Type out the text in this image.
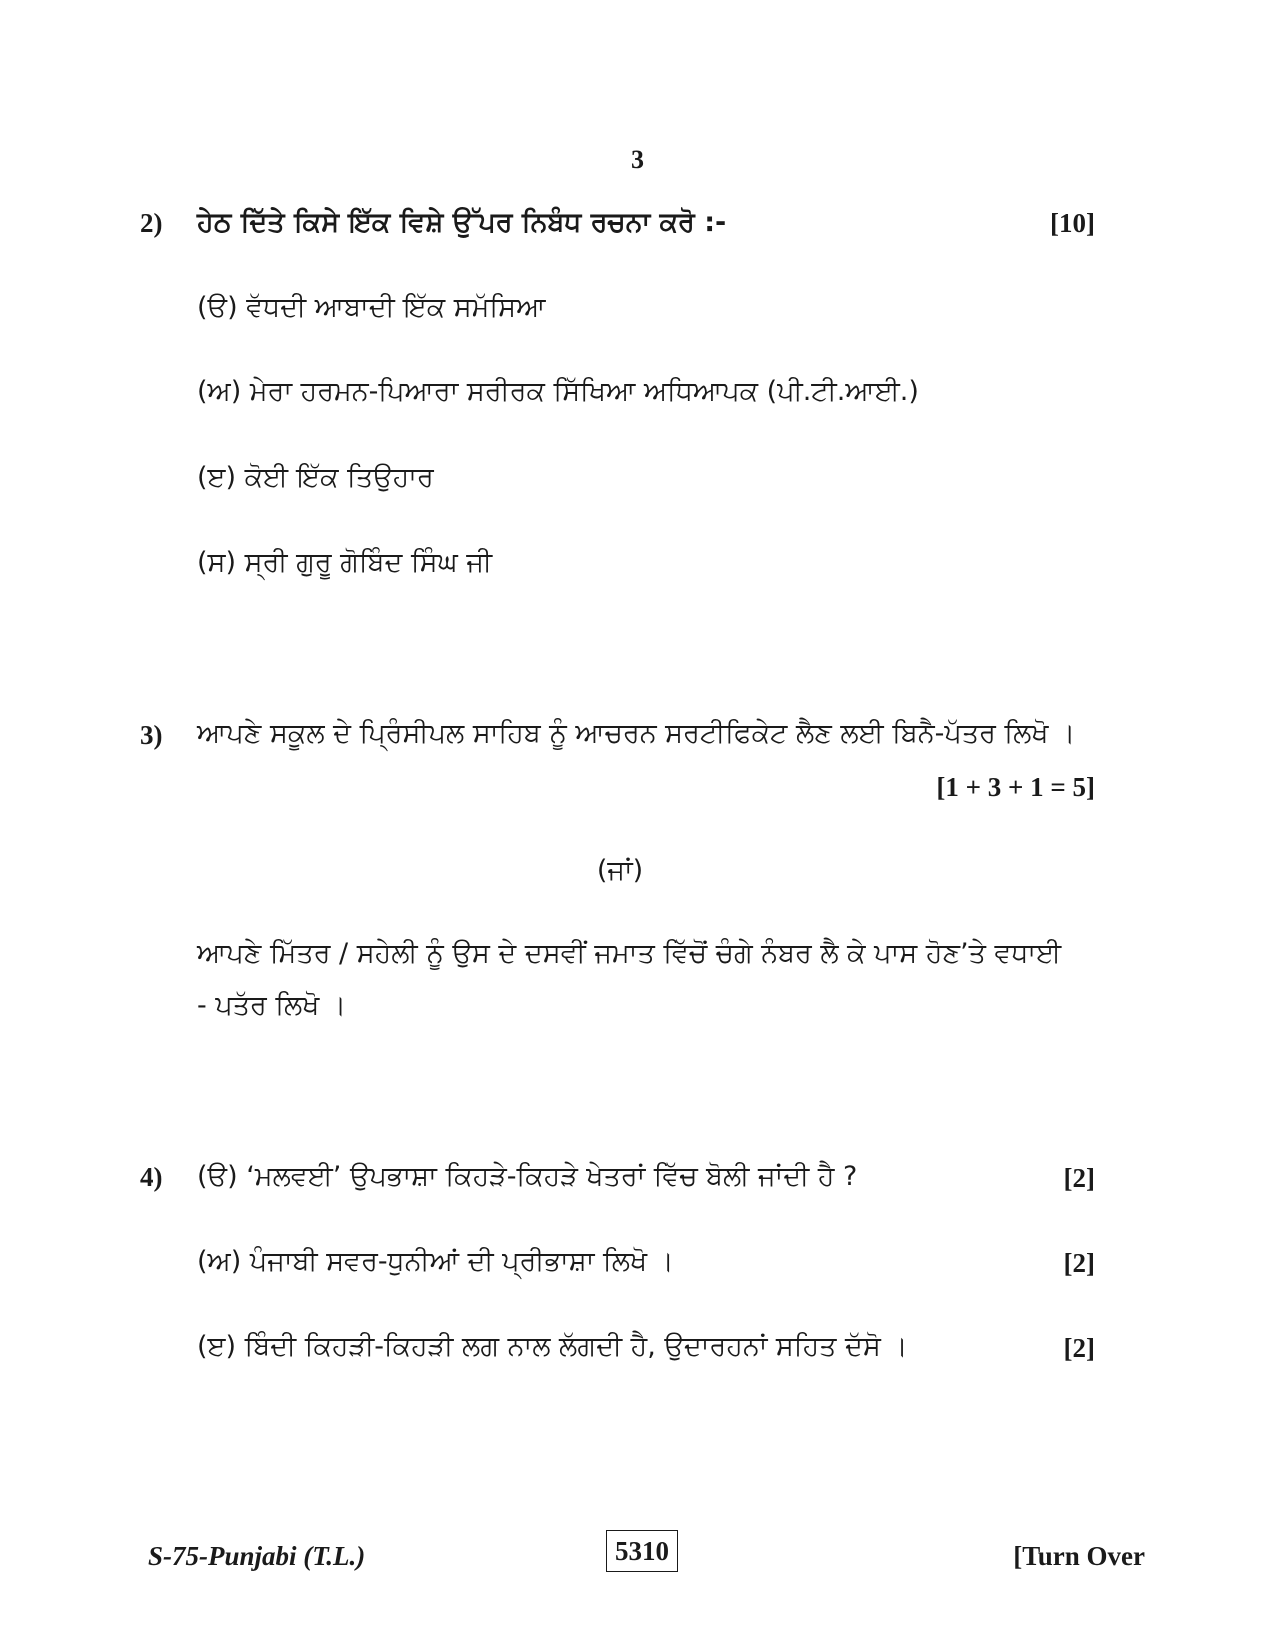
3
2) ਹੇਠ ਦਿੱਤੇ ਕਿਸੇ ਇੱਕ ਵਿਸ਼ੇ ਉੱਪਰ ਨਿਬੰਧ ਰਚਨਾ ਕਰੋ :-	[10]
(ੳ) ਵੱਧਦੀ ਆਬਾਦੀ ਇੱਕ ਸਮੱਸਿਆ
(ਅ) ਮੇਰਾ ਹਰਮਨ-ਪਿਆਰਾ ਸਰੀਰਕ ਸਿੱਖਿਆ ਅਧਿਆਪਕ (ਪੀ.ਟੀ.ਆਈ.)
(ੲ) ਕੋਈ ਇੱਕ ਤਿਉਹਾਰ
(ਸ) ਸ੍ਰੀ ਗੁਰੂ ਗੋਬਿੰਦ ਸਿੰਘ ਜੀ
3) ਆਪਣੇ ਸਕੂਲ ਦੇ ਪ੍ਰਿੰਸੀਪਲ ਸਾਹਿਬ ਨੂੰ ਆਚਰਨ ਸਰਟੀਫਿਕੇਟ ਲੈਣ ਲਈ ਬਿਨੈ-ਪੱਤਰ ਲਿਖੋ ।
[1 + 3 + 1 = 5]
(ਜਾਂ)
ਆਪਣੇ ਮਿੱਤਰ / ਸਹੇਲੀ ਨੂੰ ਉਸ ਦੇ ਦਸਵੀਂ ਜਮਾਤ ਵਿੱਚੋਂ ਚੰਗੇ ਨੰਬਰ ਲੈ ਕੇ ਪਾਸ ਹੋਣ’ਤੇ ਵਧਾਈ
- ਪਤੱਰ ਲਿਖੋ ।
4) (ੳ) ‘ਮਲਵਈ’ ਉਪਭਾਸ਼ਾ ਕਿਹੜੇ-ਕਿਹੜੇ ਖੇਤਰਾਂ ਵਿੱਚ ਬੋਲੀ ਜਾਂਦੀ ਹੈ ?	[2]
(ਅ) ਪੰਜਾਬੀ ਸਵਰ-ਧੁਨੀਆਂ ਦੀ ਪ੍ਰੀਭਾਸ਼ਾ ਲਿਖੋ ।	[2]
(ੲ) ਬਿੰਦੀ ਕਿਹੜੀ-ਕਿਹੜੀ ਲਗ ਨਾਲ ਲੱਗਦੀ ਹੈ, ਉਦਾਰਹਨਾਂ ਸਹਿਤ ਦੱਸੋ ।	[2]
S-75-Punjabi (T.L.)	5310	[Turn Over
